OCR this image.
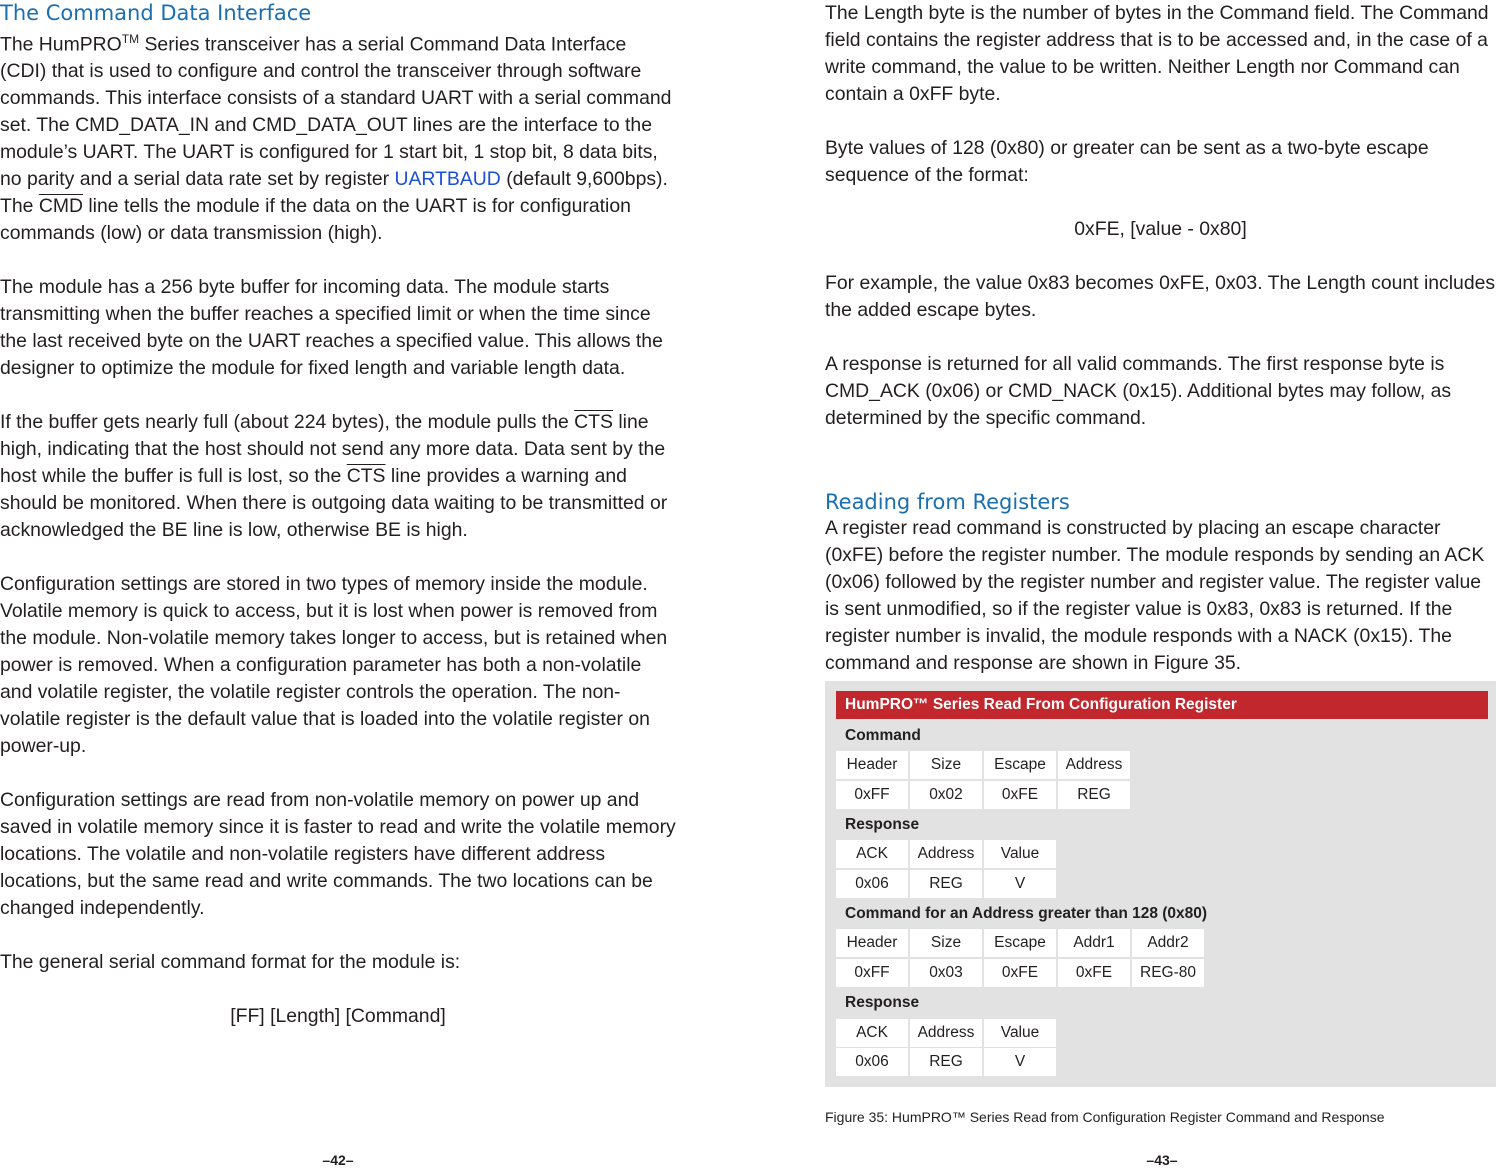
The Command Data Interface

The HumPRO™ Series transceiver has a serial Command Data Interface (CDI) that is used to configure and control the transceiver through software commands. This interface consists of a standard UART with a serial command set. The CMD_DATA_IN and CMD_DATA_OUT lines are the interface to the module’s UART. The UART is configured for 1 start bit, 1 stop bit, 8 data bits, no parity and a serial data rate set by register UARTBAUD (default 9,600bps). The $\overline{CMD}$ line tells the module if the data on the UART is for configuration commands (low) or data transmission (high).

The module has a 256 byte buffer for incoming data. The module starts transmitting when the buffer reaches a specified limit or when the time since the last received byte on the UART reaches a specified value. This allows the designer to optimize the module for fixed length and variable length data.

If the buffer gets nearly full (about 224 bytes), the module pulls the $\overline{CTS}$ line high, indicating that the host should not send any more data. Data sent by the host while the buffer is full is lost, so the $\overline{CTS}$ line provides a warning and should be monitored. When there is outgoing data waiting to be transmitted or acknowledged the BE line is low, otherwise BE is high.

Configuration settings are stored in two types of memory inside the module. Volatile memory is quick to access, but it is lost when power is removed from the module. Non-volatile memory takes longer to access, but is retained when power is removed. When a configuration parameter has both a non-volatile and volatile register, the volatile register controls the operation. The non-volatile register is the default value that is loaded into the volatile register on power-up.

Configuration settings are read from non-volatile memory on power up and saved in volatile memory since it is faster to read and write the volatile memory locations. The volatile and non-volatile registers have different address locations, but the same read and write commands. The two locations can be changed independently.

The general serial command format for the module is:

[FF] [Length] [Command]

The Length byte is the number of bytes in the Command field. The Command field contains the register address that is to be accessed and, in the case of a write command, the value to be written. Neither Length nor Command can contain a 0xFF byte.

Byte values of 128 (0x80) or greater can be sent as a two-byte escape sequence of the format:

0xFE, [value - 0x80]

For example, the value 0x83 becomes 0xFE, 0x03. The Length count includes the added escape bytes.

A response is returned for all valid commands. The first response byte is CMD_ACK (0x06) or CMD_NACK (0x15). Additional bytes may follow, as determined by the specific command.

Reading from Registers

A register read command is constructed by placing an escape character (0xFE) before the register number. The module responds by sending an ACK (0x06) followed by the register number and register value. The register value is sent unmodified, so if the register value is 0x83, 0x83 is returned. If the register number is invalid, the module responds with a NACK (0x15). The command and response are shown in Figure 35.

HumPRO™ Series Read From Configuration Register
Command
Header	Size	Escape	Address
0xFF	0x02	0xFE	REG
Response
ACK	Address	Value
0x06	REG	V
Command for an Address greater than 128 (0x80)
Header	Size	Escape	Addr1	Addr2
0xFF	0x03	0xFE	0xFE	REG-80
Response
ACK	Address	Value
0x06	REG	V
Figure 35: HumPRO™ Series Read from Configuration Register Command and Response
–42–	–43–
